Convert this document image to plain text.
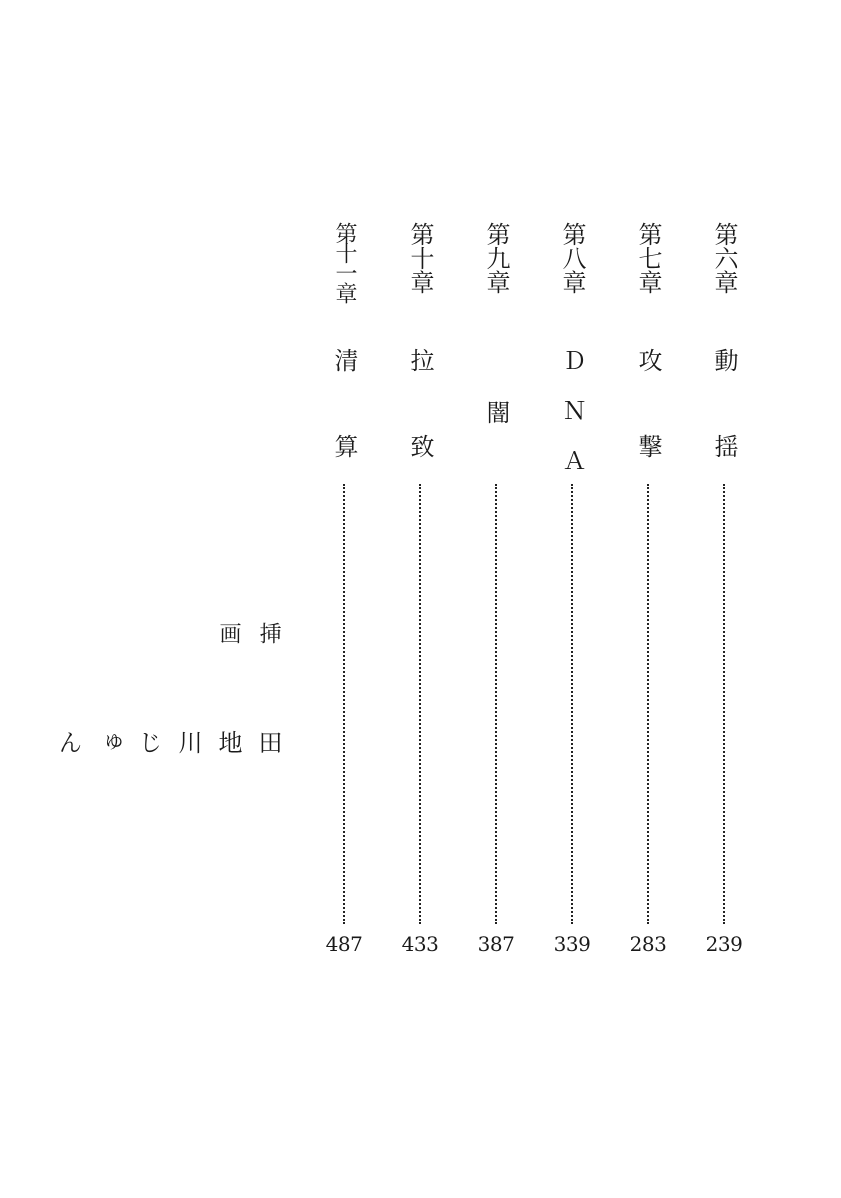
第六章
動揺
239
第七章
攻撃
283
第八章
ＤＮＡ
339
第九章
闇
387
第十章
拉致
433
第十一章
清算
487
挿画
田地川じゅん
